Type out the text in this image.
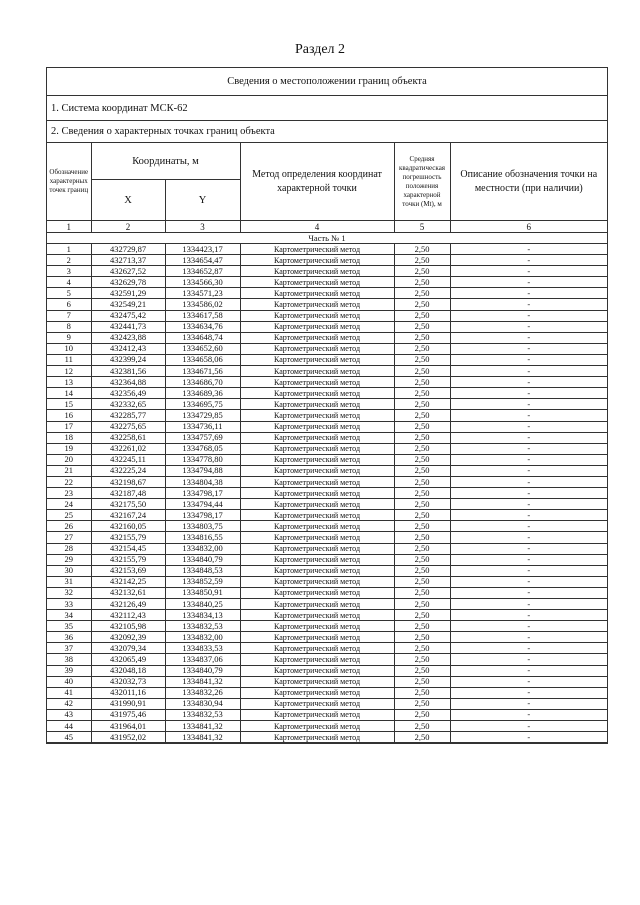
Раздел 2
Сведения о местоположении границ объекта
1. Система координат МСК-62
2. Сведения о характерных точках границ объекта
Обозначение характерных точек границ	Координаты, м		Метод определения координат характерной точки	Средняя квадратическая погрешность положения характерной точки (Mt), м	Описание обозначения точки на местности (при наличии)
	X	Y			
1	2	3	4	5	6
Часть № 1					
1	432729,87	1334423,17	Картометрический метод	2,50	-
2	432713,37	1334654,47	Картометрический метод	2,50	-
3	432627,52	1334652,87	Картометрический метод	2,50	-
4	432629,78	1334566,30	Картометрический метод	2,50	-
5	432591,29	1334571,23	Картометрический метод	2,50	-
6	432549,21	1334586,02	Картометрический метод	2,50	-
7	432475,42	1334617,58	Картометрический метод	2,50	-
8	432441,73	1334634,76	Картометрический метод	2,50	-
9	432423,88	1334648,74	Картометрический метод	2,50	-
10	432412,43	1334652,60	Картометрический метод	2,50	-
11	432399,24	1334658,06	Картометрический метод	2,50	-
12	432381,56	1334671,56	Картометрический метод	2,50	-
13	432364,88	1334686,70	Картометрический метод	2,50	-
14	432356,49	1334689,36	Картометрический метод	2,50	-
15	432332,65	1334695,75	Картометрический метод	2,50	-
16	432285,77	1334729,85	Картометрический метод	2,50	-
17	432275,65	1334736,11	Картометрический метод	2,50	-
18	432258,61	1334757,69	Картометрический метод	2,50	-
19	432261,02	1334768,05	Картометрический метод	2,50	-
20	432245,11	1334778,80	Картометрический метод	2,50	-
21	432225,24	1334794,88	Картометрический метод	2,50	-
22	432198,67	1334804,38	Картометрический метод	2,50	-
23	432187,48	1334798,17	Картометрический метод	2,50	-
24	432175,50	1334794,44	Картометрический метод	2,50	-
25	432167,24	1334798,17	Картометрический метод	2,50	-
26	432160,05	1334803,75	Картометрический метод	2,50	-
27	432155,79	1334816,55	Картометрический метод	2,50	-
28	432154,45	1334832,00	Картометрический метод	2,50	-
29	432155,79	1334840,79	Картометрический метод	2,50	-
30	432153,69	1334848,53	Картометрический метод	2,50	-
31	432142,25	1334852,59	Картометрический метод	2,50	-
32	432132,61	1334850,91	Картометрический метод	2,50	-
33	432126,49	1334840,25	Картометрический метод	2,50	-
34	432112,43	1334834,13	Картометрический метод	2,50	-
35	432105,98	1334832,53	Картометрический метод	2,50	-
36	432092,39	1334832,00	Картометрический метод	2,50	-
37	432079,34	1334833,53	Картометрический метод	2,50	-
38	432065,49	1334837,06	Картометрический метод	2,50	-
39	432048,18	1334840,79	Картометрический метод	2,50	-
40	432032,73	1334841,32	Картометрический метод	2,50	-
41	432011,16	1334832,26	Картометрический метод	2,50	-
42	431990,91	1334830,94	Картометрический метод	2,50	-
43	431975,46	1334832,53	Картометрический метод	2,50	-
44	431964,01	1334841,32	Картометрический метод	2,50	-
45	431952,02	1334841,32	Картометрический метод	2,50	-
